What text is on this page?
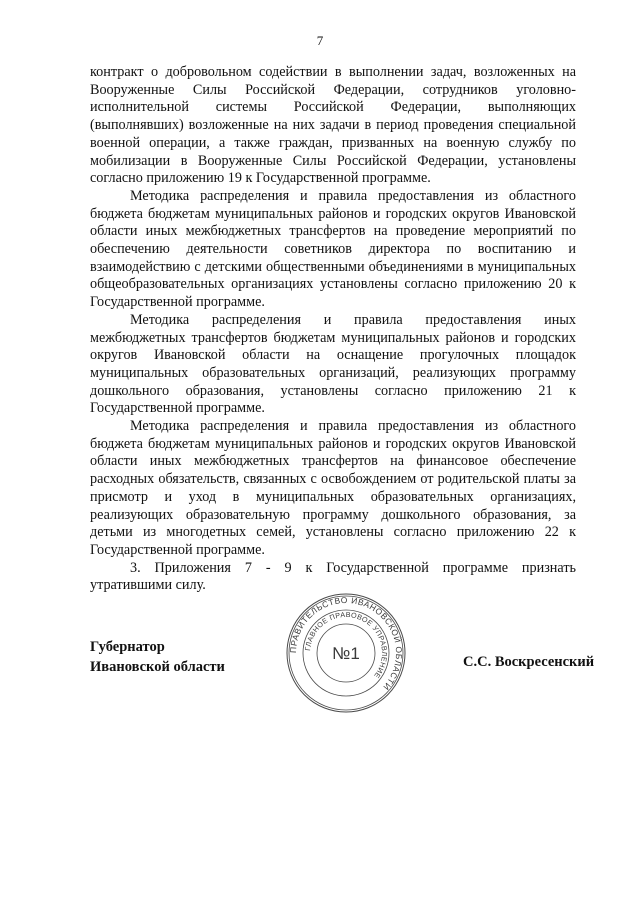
7

контракт о добровольном содействии в выполнении задач, возложенных на Вооруженные Силы Российской Федерации, сотрудников уголовно-исполнительной системы Российской Федерации, выполняющих (выполнявших) возложенные на них задачи в период проведения специальной военной операции, а также граждан, призванных на военную службу по мобилизации в Вооруженные Силы Российской Федерации, установлены согласно приложению 19 к Государственной программе.

Методика распределения и правила предоставления из областного бюджета бюджетам муниципальных районов и городских округов Ивановской области иных межбюджетных трансфертов на проведение мероприятий по обеспечению деятельности советников директора по воспитанию и взаимодействию с детскими общественными объединениями в муниципальных общеобразовательных организациях установлены согласно приложению 20 к Государственной программе.

Методика распределения и правила предоставления иных межбюджетных трансфертов бюджетам муниципальных районов и городских округов Ивановской области на оснащение прогулочных площадок муниципальных образовательных организаций, реализующих программу дошкольного образования, установлены согласно приложению 21 к Государственной программе.

Методика распределения и правила предоставления из областного бюджета бюджетам муниципальных районов и городских округов Ивановской области иных межбюджетных трансфертов на финансовое обеспечение расходных обязательств, связанных с освобождением от родительской платы за присмотр и уход в муниципальных образовательных организациях, реализующих образовательную программу дошкольного образования, за детьми из многодетных семей, установлены согласно приложению 22 к Государственной программе.

3. Приложения 7 - 9 к Государственной программе признать утратившими силу.

Губернатор
Ивановской области
ПРАВИТЕЛЬСТВО ИВАНОВСКОЙ ОБЛАСТИ
ГЛАВНОЕ ПРАВОВОЕ УПРАВЛЕНИЕ
№1	С.С. Воскресенский
